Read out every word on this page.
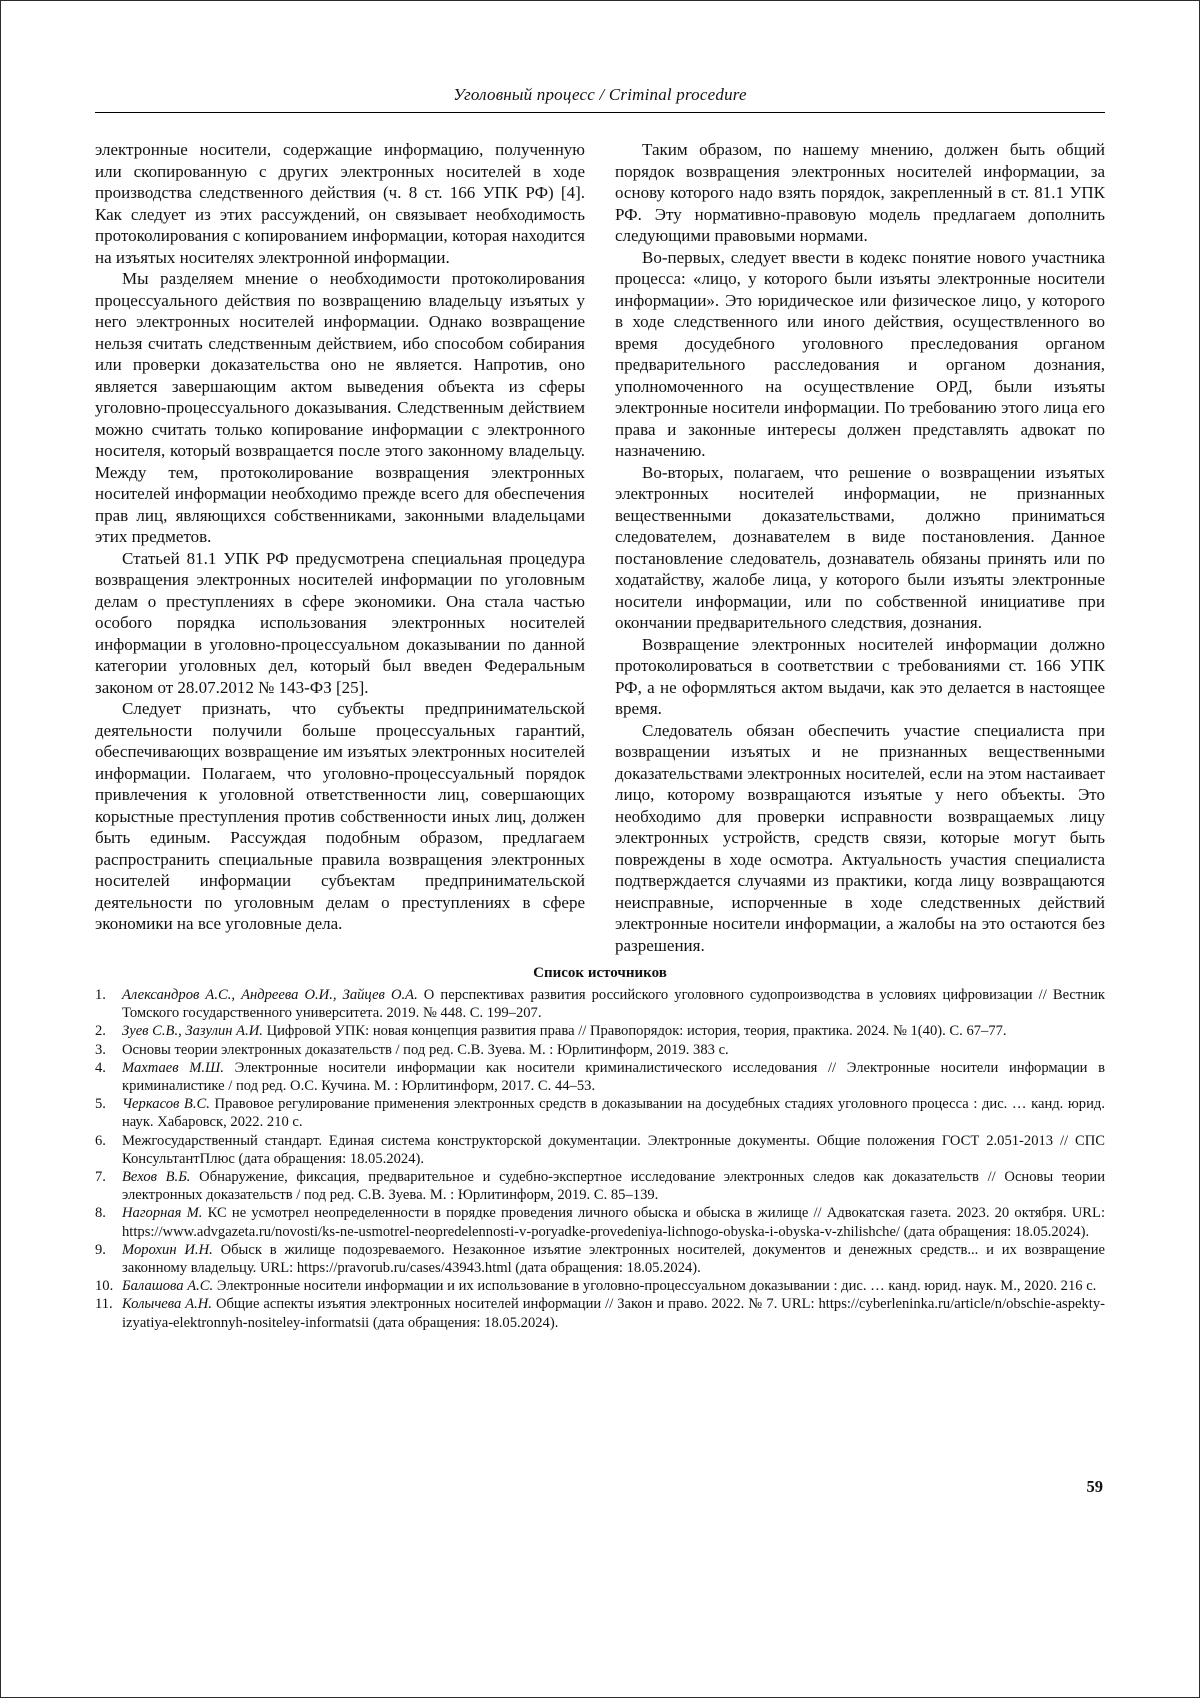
Уголовный процесс / Criminal procedure

электронные носители, содержащие информацию, полученную или скопированную с других электронных носителей в ходе производства следственного действия (ч. 8 ст. 166 УПК РФ) [4]. Как следует из этих рассуждений, он связывает необходимость протоколирования с копированием информации, которая находится на изъятых носителях электронной информации.

Мы разделяем мнение о необходимости протоколирования процессуального действия по возвращению владельцу изъятых у него электронных носителей информации. Однако возвращение нельзя считать следственным действием, ибо способом собирания или проверки доказательства оно не является. Напротив, оно является завершающим актом выведения объекта из сферы уголовно-процессуального доказывания. Следственным действием можно считать только копирование информации с электронного носителя, который возвращается после этого законному владельцу. Между тем, протоколирование возвращения электронных носителей информации необходимо прежде всего для обеспечения прав лиц, являющихся собственниками, законными владельцами этих предметов.

Статьей 81.1 УПК РФ предусмотрена специальная процедура возвращения электронных носителей информации по уголовным делам о преступлениях в сфере экономики. Она стала частью особого порядка использования электронных носителей информации в уголовно-процессуальном доказывании по данной категории уголовных дел, который был введен Федеральным законом от 28.07.2012 № 143-ФЗ [25].

Следует признать, что субъекты предпринимательской деятельности получили больше процессуальных гарантий, обеспечивающих возвращение им изъятых электронных носителей информации. Полагаем, что уголовно-процессуальный порядок привлечения к уголовной ответственности лиц, совершающих корыстные преступления против собственности иных лиц, должен быть единым. Рассуждая подобным образом, предлагаем распространить специальные правила возвращения электронных носителей информации субъектам предпринимательской деятельности по уголовным делам о преступлениях в сфере экономики на все уголовные дела.

Таким образом, по нашему мнению, должен быть общий порядок возвращения электронных носителей информации, за основу которого надо взять порядок, закрепленный в ст. 81.1 УПК РФ. Эту нормативно-правовую модель предлагаем дополнить следующими правовыми нормами.

Во-первых, следует ввести в кодекс понятие нового участника процесса: «лицо, у которого были изъяты электронные носители информации». Это юридическое или физическое лицо, у которого в ходе следственного или иного действия, осуществленного во время досудебного уголовного преследования органом предварительного расследования и органом дознания, уполномоченного на осуществление ОРД, были изъяты электронные носители информации. По требованию этого лица его права и законные интересы должен представлять адвокат по назначению.

Во-вторых, полагаем, что решение о возвращении изъятых электронных носителей информации, не признанных вещественными доказательствами, должно приниматься следователем, дознавателем в виде постановления. Данное постановление следователь, дознаватель обязаны принять или по ходатайству, жалобе лица, у которого были изъяты электронные носители информации, или по собственной инициативе при окончании предварительного следствия, дознания.

Возвращение электронных носителей информации должно протоколироваться в соответствии с требованиями ст. 166 УПК РФ, а не оформляться актом выдачи, как это делается в настоящее время.

Следователь обязан обеспечить участие специалиста при возвращении изъятых и не признанных вещественными доказательствами электронных носителей, если на этом настаивает лицо, которому возвращаются изъятые у него объекты. Это необходимо для проверки исправности возвращаемых лицу электронных устройств, средств связи, которые могут быть повреждены в ходе осмотра. Актуальность участия специалиста подтверждается случаями из практики, когда лицу возвращаются неисправные, испорченные в ходе следственных действий электронные носители информации, а жалобы на это остаются без разрешения.

Список источников
1.	Александров А.С., Андреева О.И., Зайцев О.А. О перспективах развития российского уголовного судопроизводства в условиях цифровизации // Вестник Томского государственного университета. 2019. № 448. С. 199–207.
2.	Зуев С.В., Зазулин А.И. Цифровой УПК: новая концепция развития права // Правопорядок: история, теория, практика. 2024. № 1(40). С. 67–77.
3.	Основы теории электронных доказательств / под ред. С.В. Зуева. М. : Юрлитинформ, 2019. 383 с.
4.	Махтаев М.Ш. Электронные носители информации как носители криминалистического исследования // Электронные носители информации в криминалистике / под ред. О.С. Кучина. М. : Юрлитинформ, 2017. С. 44–53.
5.	Черкасов В.С. Правовое регулирование применения электронных средств в доказывании на досудебных стадиях уголовного процесса : дис. … канд. юрид. наук. Хабаровск, 2022. 210 с.
6.	Межгосударственный стандарт. Единая система конструкторской документации. Электронные документы. Общие положения ГОСТ 2.051-2013 // СПС КонсультантПлюс (дата обращения: 18.05.2024).
7.	Вехов В.Б. Обнаружение, фиксация, предварительное и судебно-экспертное исследование электронных следов как доказательств // Основы теории электронных доказательств / под ред. С.В. Зуева. М. : Юрлитинформ, 2019. С. 85–139.
8.	Нагорная М. КС не усмотрел неопределенности в порядке проведения личного обыска и обыска в жилище // Адвокатская газета. 2023. 20 октября. URL: https://www.advgazeta.ru/novosti/ks-ne-usmotrel-neopredelennosti-v-poryadke-provedeniya-lichnogo-obyska-i-obyska-v-zhilishche/ (дата обращения: 18.05.2024).
9.	Морохин И.Н. Обыск в жилище подозреваемого. Незаконное изъятие электронных носителей, документов и денежных средств... и их возвращение законному владельцу. URL: https://pravorub.ru/cases/43943.html (дата обращения: 18.05.2024).
10. Балашова А.С. Электронные носители информации и их использование в уголовно-процессуальном доказывании : дис. … канд. юрид. наук. М., 2020. 216 с.
11. Колычева А.Н. Общие аспекты изъятия электронных носителей информации // Закон и право. 2022. № 7. URL: https://cyberleninka.ru/article/n/obschie-aspekty-izyatiya-elektronnyh-nositeley-informatsii (дата обращения: 18.05.2024).
59
